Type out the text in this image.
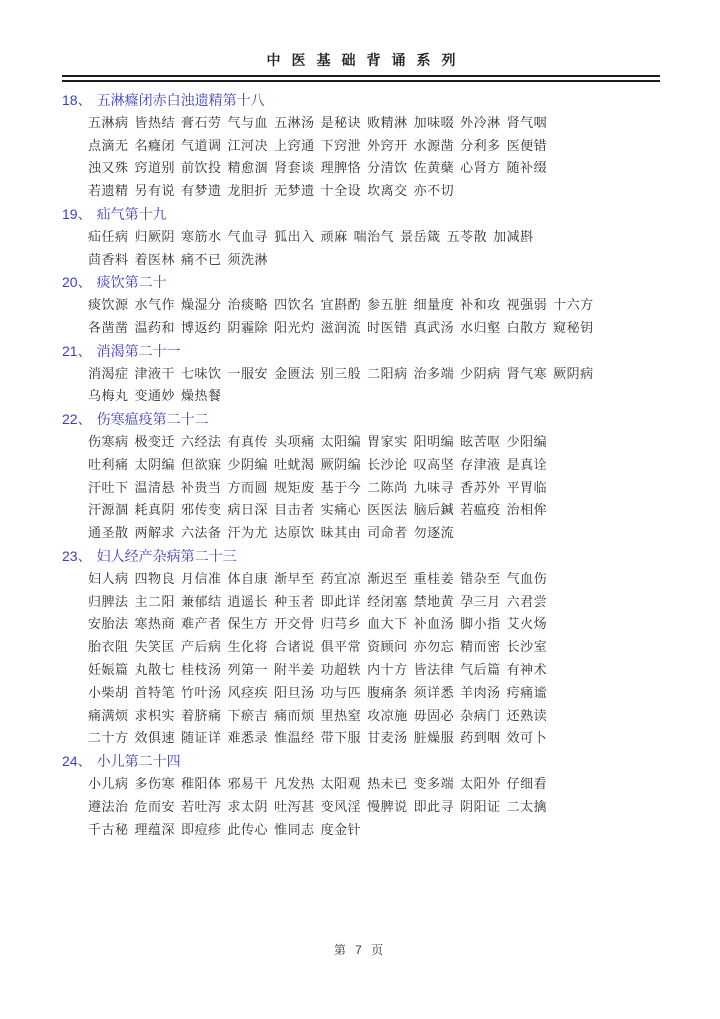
中医基础背诵系列
18、 五淋癃闭赤白浊遗精第十八
五淋病 皆热结 膏石劳 气与血 五淋汤 是秘诀 败精淋 加味啜 外冷淋 肾气咽
点滴无 名癃闭 气道调 江河决 上窍通 下窍泄 外窍开 水源凿 分利多 医便错
浊又殊 窍道别 前饮投 精愈涸 肾套谈 理脾恪 分清饮 佐黄蘖 心肾方 随补缀
若遗精 另有说 有梦遗 龙胆折 无梦遗 十全设 坎离交 亦不切
19、 疝气第十九
疝任病 归厥阴 寒筋水 气血寻 狐出入 顽麻 喘治气 景岳箴 五苓散 加减斟
茴香料 着医林 痛不已 须洗淋
20、 痰饮第二十
痰饮源 水气作 燥湿分 治痰略 四饮名 宜斟酌 参五脏 细量度 补和攻 视强弱 十六方
各凿凿 温药和 博返约 阴霾除 阳光灼 滋润流 时医错 真武汤 水归壑 白散方 窥秘钥
21、 消渴第二十一
消渴症 津液干 七味饮 一服安 金匮法 别三般 二阳病 治多端 少阴病 肾气寒 厥阴病
乌梅丸 变通妙 燥热餐
22、 伤寒瘟疫第二十二
伤寒病 极变迁 六经法 有真传 头项痛 太阳编 胃家实 阳明编 眩苦呕 少阳编
吐利痛 太阴编 但欲寐 少阴编 吐蚘渴 厥阴编 长沙论 叹高坚 存津液 是真诠
汗吐下 温清悬 补贵当 方而圆 规矩废 基于今 二陈尚 九味寻 香苏外 平胃临
汗源涸 耗真阴 邪传变 病日深 目击者 实痛心 医医法 脑后鍼 若瘟疫 治相侔
通圣散 两解求 六法备 汗为尤 达原饮 昧其由 司命者 勿逐流
23、 妇人经产杂病第二十三
妇人病 四物良 月信准 体自康 渐早至 药宜凉 渐迟至 重桂姜 错杂至 气血伤
归脾法 主二阳 兼郁结 逍遥长 种玉者 即此详 经闭塞 禁地黄 孕三月 六君尝
安胎法 寒热商 难产者 保生方 开交骨 归芎乡 血大下 补血汤 脚小指 艾火炀
胎衣阻 失笑匡 产后病 生化将 合诸说 俱平常 资顾问 亦勿忘 精而密 长沙室
妊娠篇 丸散七 桂枝汤 列第一 附半姜 功超轶 内十方 皆法律 气后篇 有神术
小柴胡 首特笔 竹叶汤 风痉疾 阳旦汤 功与匹 腹痛条 须详悉 羊肉汤 疞痛谧
痛满烦 求枳实 着脐痛 下瘀吉 痛而烦 里热窒 攻凉施 毋固必 杂病门 还熟读
二十方 效俱速 随证详 难悉录 惟温经 带下服 甘麦汤 脏燥服 药到咽 效可卜
24、 小儿第二十四
小儿病 多伤寒 稚阳体 邪易干 凡发热 太阳观 热未已 变多端 太阳外 仔细看
遵法治 危而安 若吐泻 求太阴 吐泻甚 变风淫 慢脾说 即此寻 阴阳证 二太擒
千古秘 理蕴深 即痘疹 此传心 惟同志 度金针
第 7 页
